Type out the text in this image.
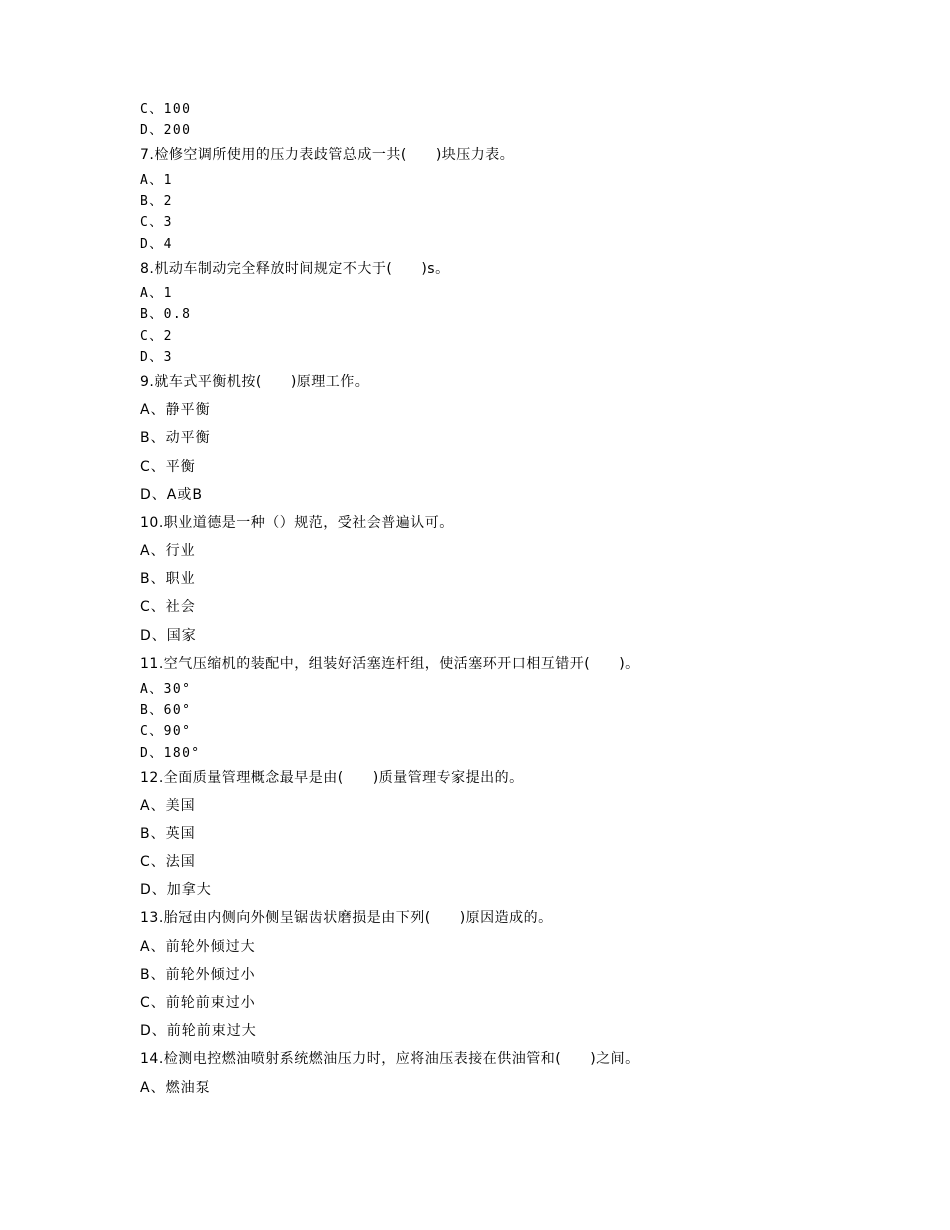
C、100
D、200
7.检修空调所使用的压力表歧管总成一共(　　)块压力表。
A、1
B、2
C、3
D、4
8.机动车制动完全释放时间规定不大于(　　)s。
A、1
B、0.8
C、2
D、3
9.就车式平衡机按(　　)原理工作。
A、静平衡
B、动平衡
C、平衡
D、A或B
10.职业道德是一种（）规范，受社会普遍认可。
A、行业
B、职业
C、社会
D、国家
11.空气压缩机的装配中，组装好活塞连杆组，使活塞环开口相互错开(　　)。
A、30°
B、60°
C、90°
D、180°
12.全面质量管理概念最早是由(　　)质量管理专家提出的。
A、美国
B、英国
C、法国
D、加拿大
13.胎冠由内侧向外侧呈锯齿状磨损是由下列(　　)原因造成的。
A、前轮外倾过大
B、前轮外倾过小
C、前轮前束过小
D、前轮前束过大
14.检测电控燃油喷射系统燃油压力时，应将油压表接在供油管和(　　)之间。
A、燃油泵
